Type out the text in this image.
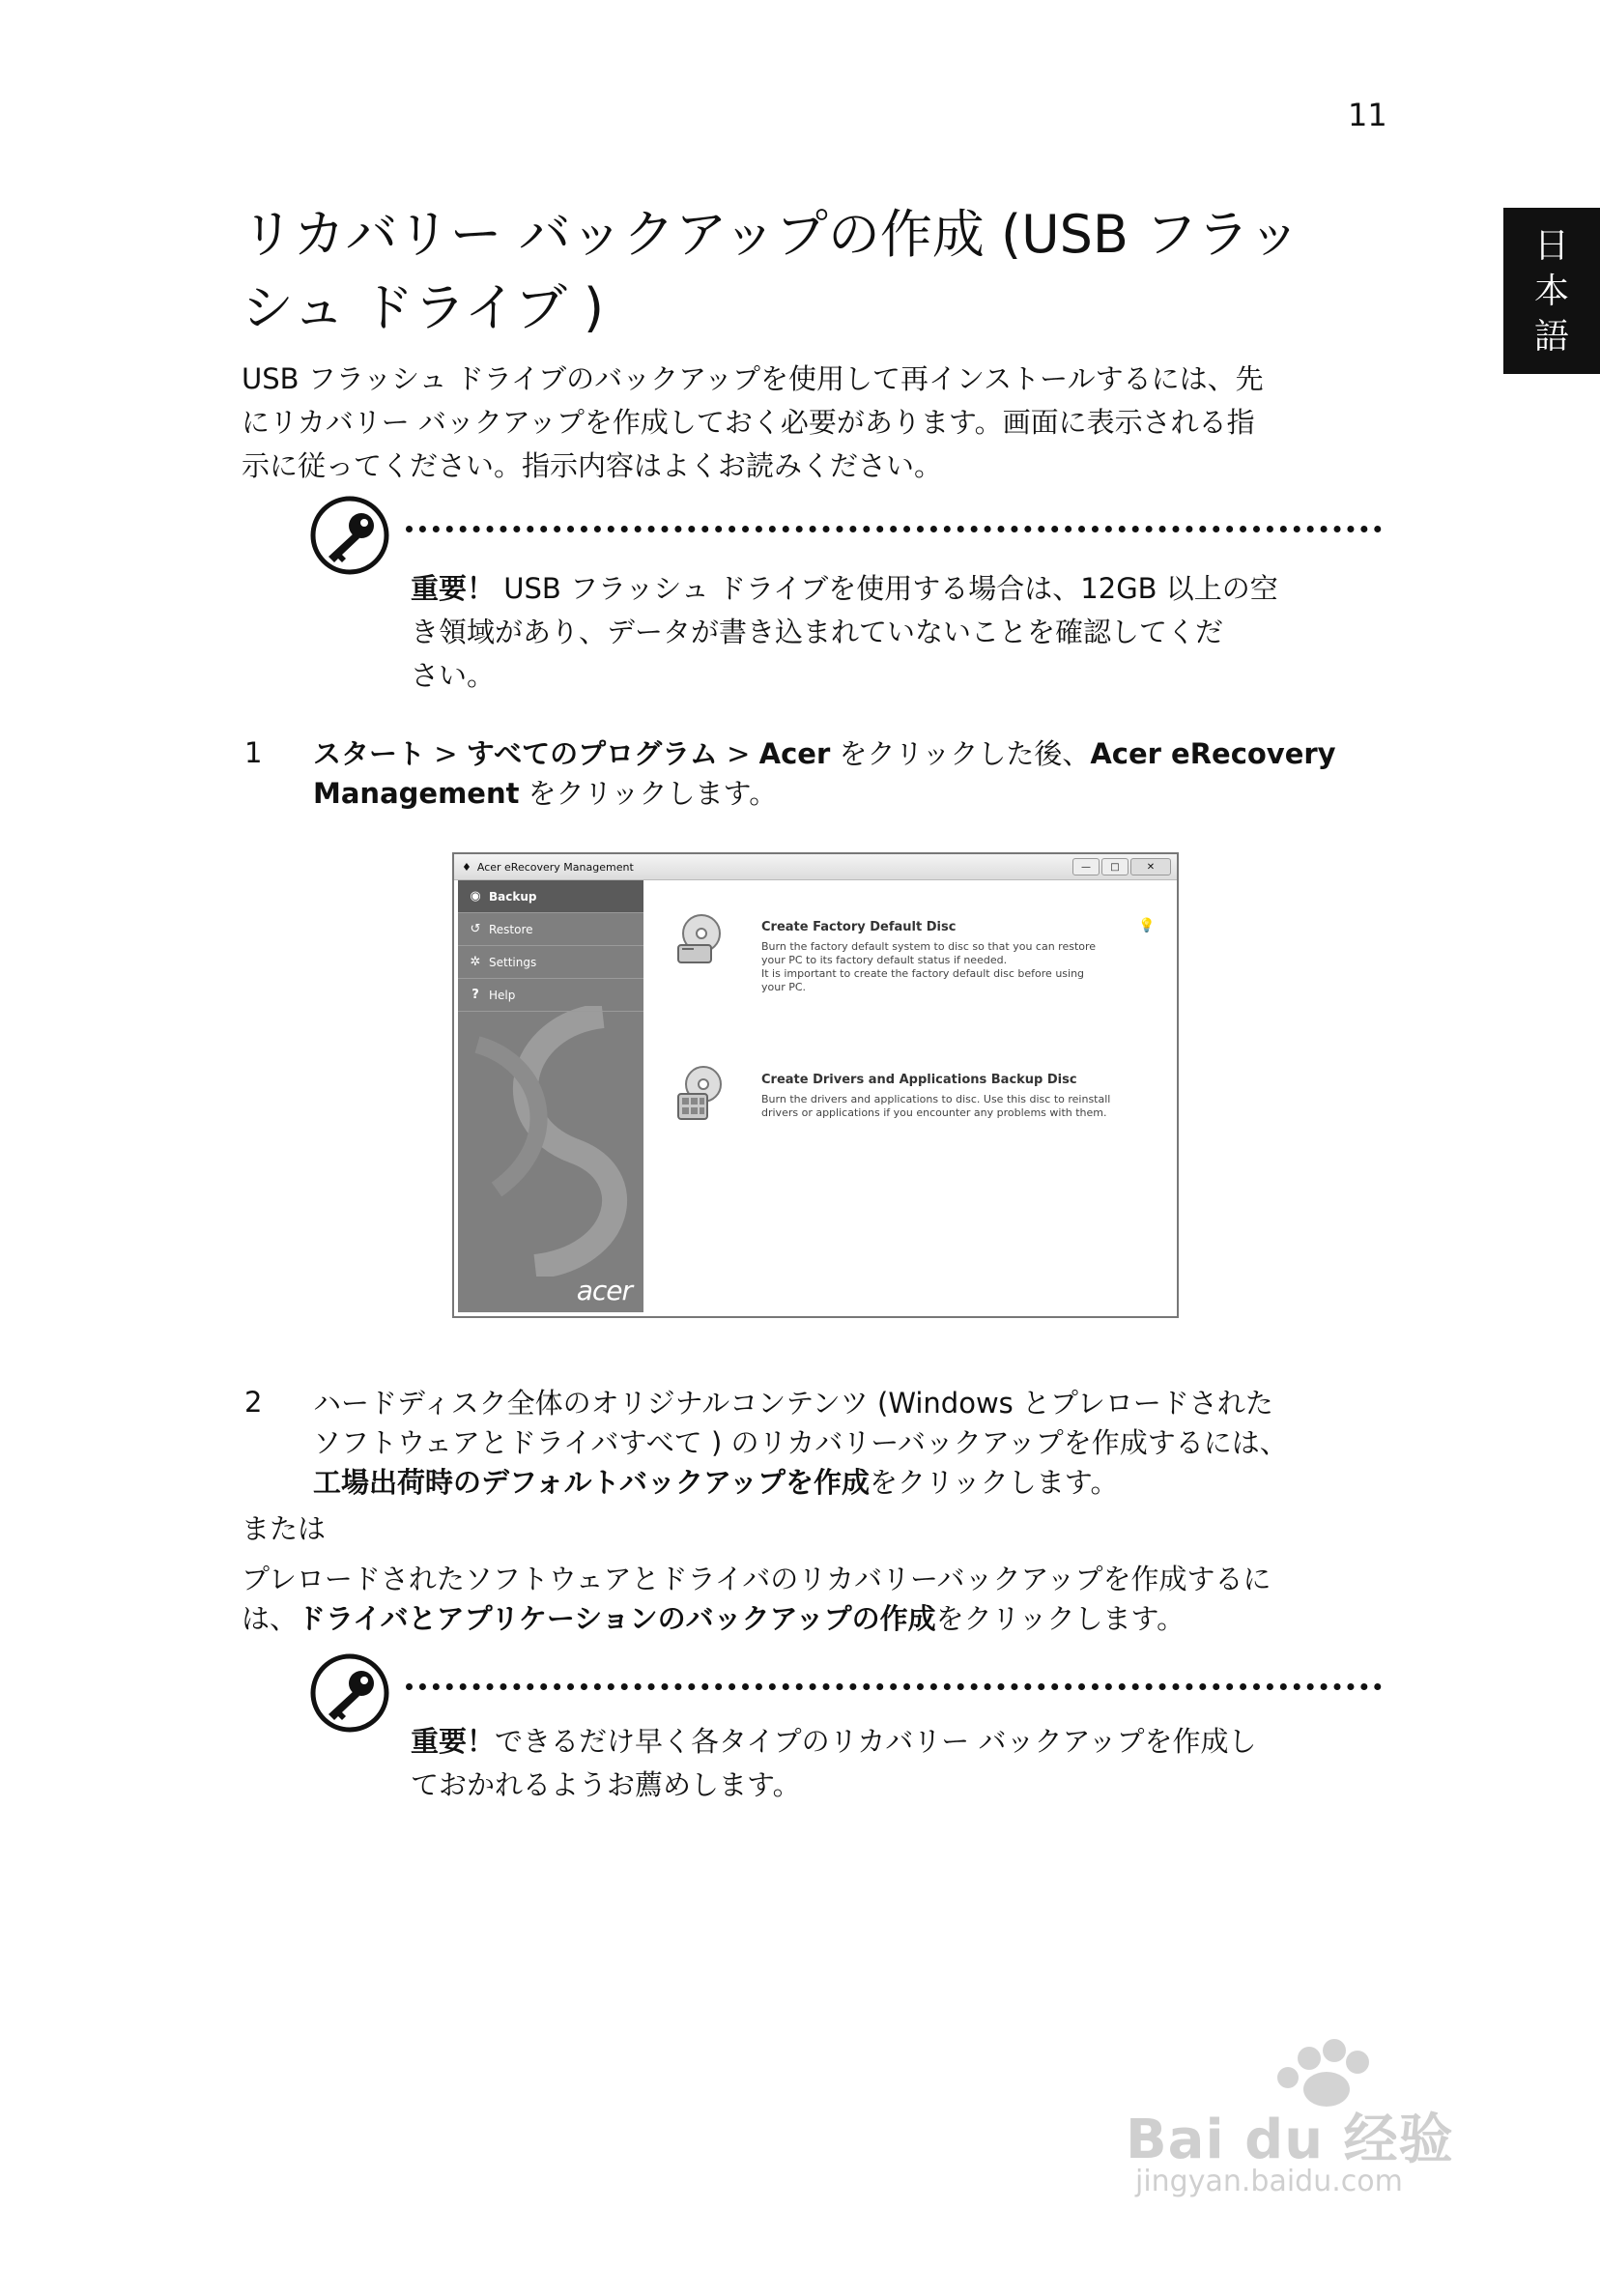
11
日
本
語
リカバリー バックアップの作成 (USB フラッ
シュ ドライブ )
USB フラッシュ ドライブのバックアップを使用して再インストールするには、先
にリカバリー バックアップを作成しておく必要があります。画面に表示される指
示に従ってください。指示内容はよくお読みください。
重要！ USB フラッシュ ドライブを使用する場合は、12GB 以上の空
き領域があり、データが書き込まれていないことを確認してくだ
さい。
1 スタート > すべてのプログラム > Acer をクリックした後、Acer eRecovery
Management をクリックします。
♦ Acer eRecovery Management	—	□	✕
◉ Backup
↺ Restore
✲ Settings
? Help
acer
Create Factory Default Disc
Burn the factory default system to disc so that you can restore
your PC to its factory default status if needed.
It is important to create the factory default disc before using
your PC.
💡
Create Drivers and Applications Backup Disc
Burn the drivers and applications to disc. Use this disc to reinstall
drivers or applications if you encounter any problems with them.
2 ハードディスク全体のオリジナルコンテンツ (Windows とプレロードされた
ソフトウェアとドライバすべて ) のリカバリーバックアップを作成するには、
工場出荷時のデフォルトバックアップを作成をクリックします。
または
プレロードされたソフトウェアとドライバのリカバリーバックアップを作成するに
は、ドライバとアプリケーションのバックアップの作成をクリックします。
重要！できるだけ早く各タイプのリカバリー バックアップを作成し
ておかれるようお薦めします。
Bai du 经验
jingyan.baidu.com
